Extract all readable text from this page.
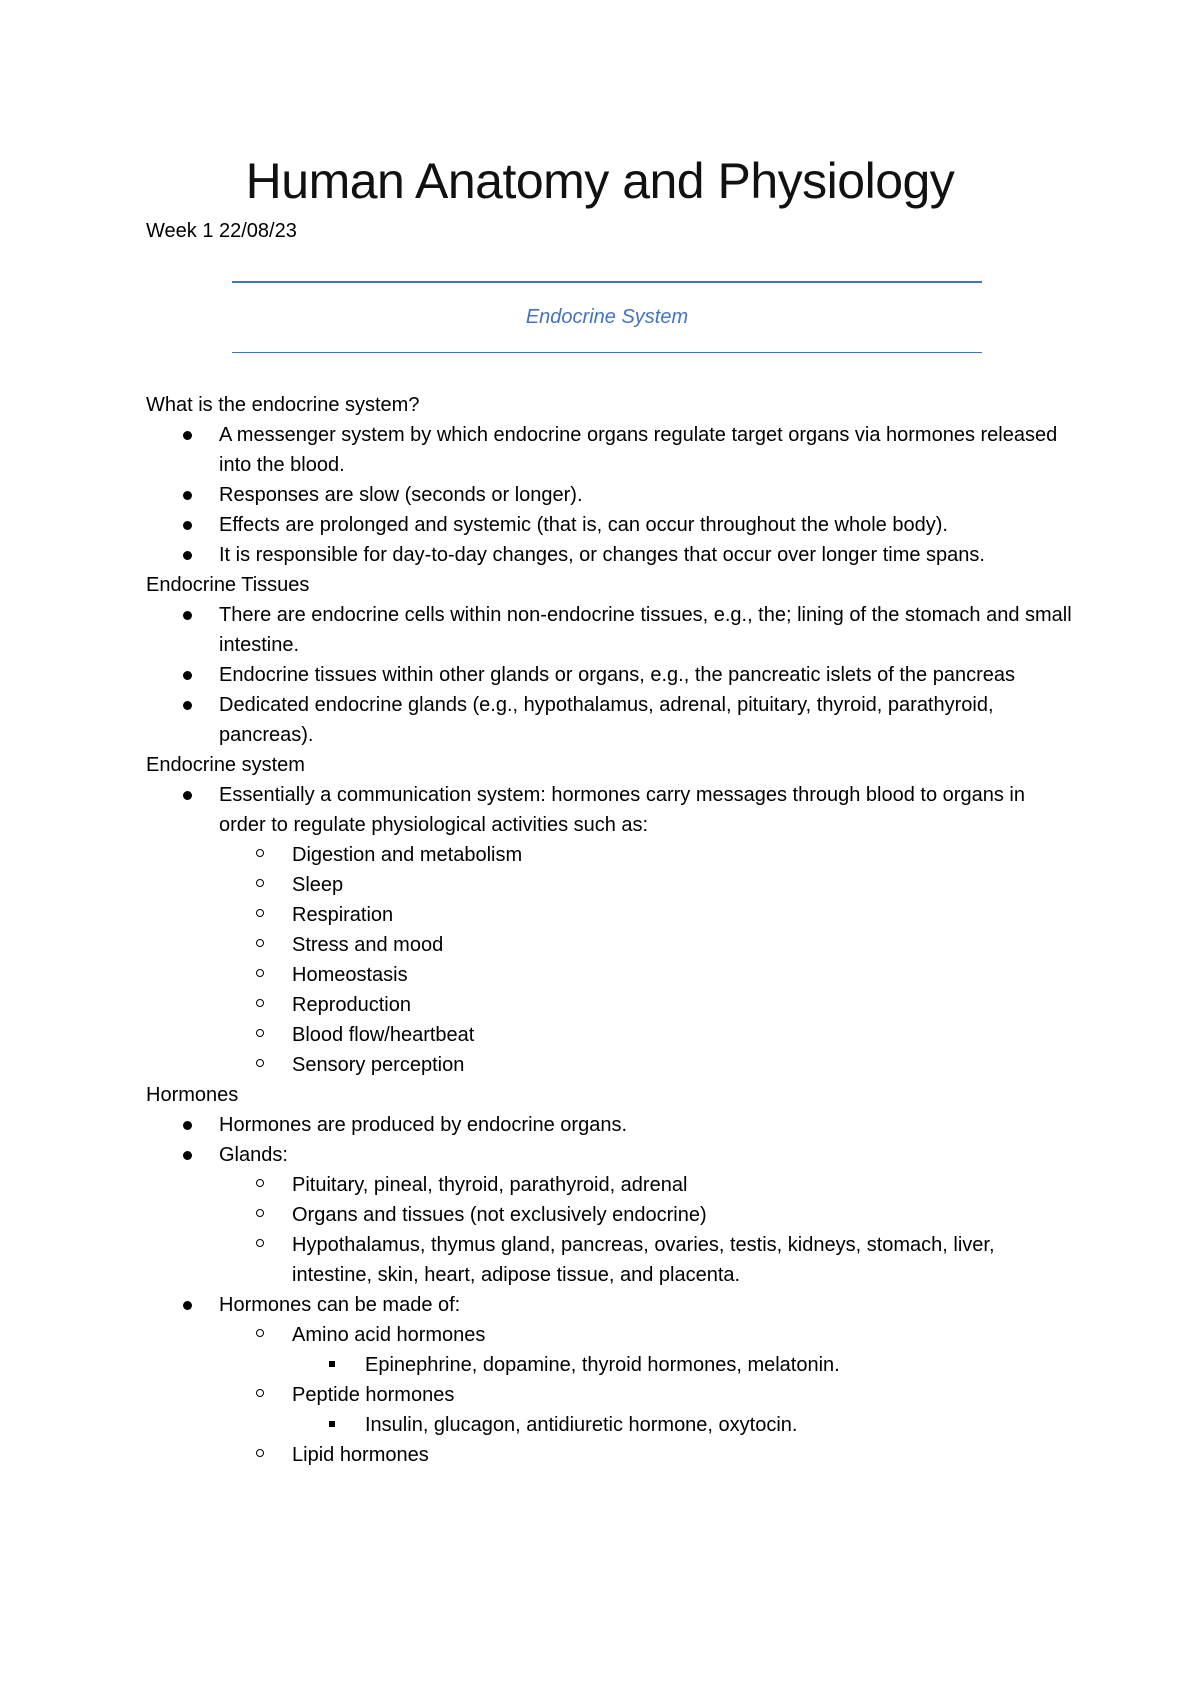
Human Anatomy and Physiology
Week 1 22/08/23
Endocrine System
What is the endocrine system?
A messenger system by which endocrine organs regulate target organs via hormones released into the blood.
Responses are slow (seconds or longer).
Effects are prolonged and systemic (that is, can occur throughout the whole body).
It is responsible for day-to-day changes, or changes that occur over longer time spans.
Endocrine Tissues
There are endocrine cells within non-endocrine tissues, e.g., the; lining of the stomach and small intestine.
Endocrine tissues within other glands or organs, e.g., the pancreatic islets of the pancreas
Dedicated endocrine glands (e.g., hypothalamus, adrenal, pituitary, thyroid, parathyroid, pancreas).
Endocrine system
Essentially a communication system: hormones carry messages through blood to organs in order to regulate physiological activities such as:
Digestion and metabolism
Sleep
Respiration
Stress and mood
Homeostasis
Reproduction
Blood flow/heartbeat
Sensory perception
Hormones
Hormones are produced by endocrine organs.
Glands:
Pituitary, pineal, thyroid, parathyroid, adrenal
Organs and tissues (not exclusively endocrine)
Hypothalamus, thymus gland, pancreas, ovaries, testis, kidneys, stomach, liver, intestine, skin, heart, adipose tissue, and placenta.
Hormones can be made of:
Amino acid hormones
Epinephrine, dopamine, thyroid hormones, melatonin.
Peptide hormones
Insulin, glucagon, antidiuretic hormone, oxytocin.
Lipid hormones
